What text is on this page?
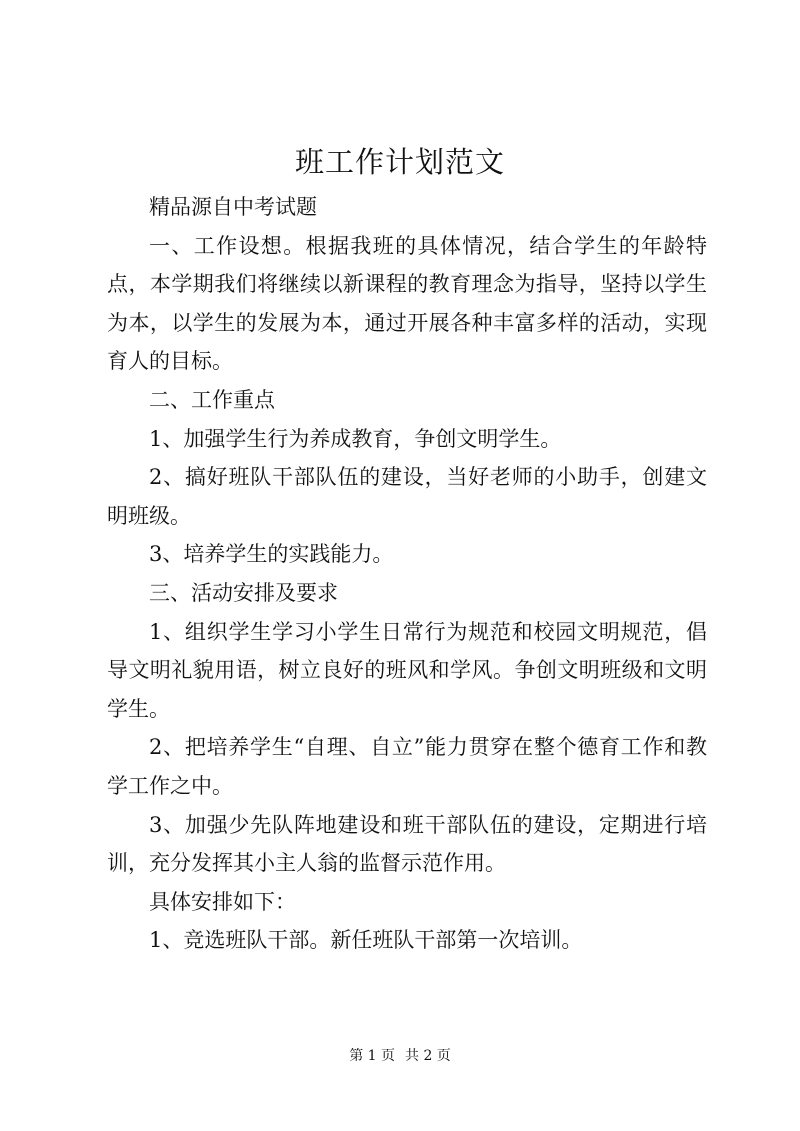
班工作计划范文

精品源自中考试题

一、工作设想。根据我班的具体情况，结合学生的年龄特点，本学期我们将继续以新课程的教育理念为指导，坚持以学生为本，以学生的发展为本，通过开展各种丰富多样的活动，实现育人的目标。

二、工作重点

1、加强学生行为养成教育，争创文明学生。

2、搞好班队干部队伍的建设，当好老师的小助手，创建文明班级。

3、培养学生的实践能力。

三、活动安排及要求

1、组织学生学习小学生日常行为规范和校园文明规范，倡导文明礼貌用语，树立良好的班风和学风。争创文明班级和文明学生。

2、把培养学生“自理、自立”能力贯穿在整个德育工作和教学工作之中。

3、加强少先队阵地建设和班干部队伍的建设，定期进行培训，充分发挥其小主人翁的监督示范作用。

具体安排如下：

1、竞选班队干部。新任班队干部第一次培训。

第 1 页 共 2 页
